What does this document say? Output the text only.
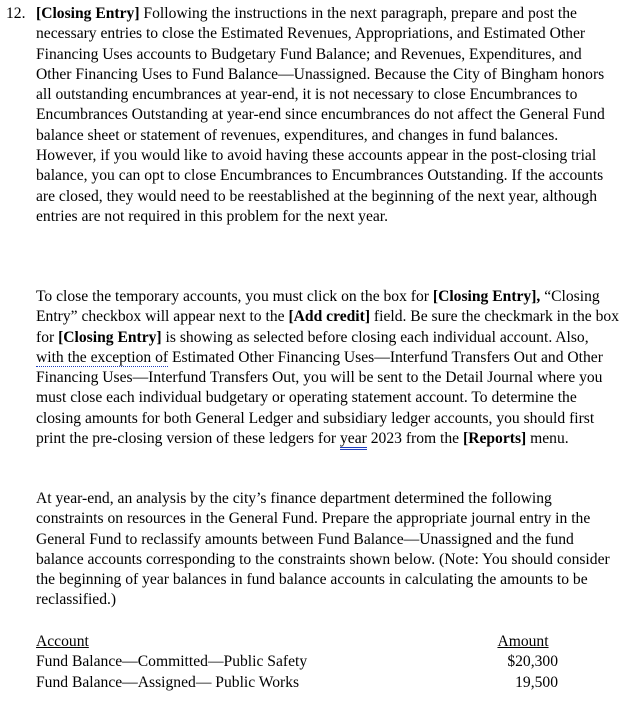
12. [Closing Entry] Following the instructions in the next paragraph, prepare and post the necessary entries to close the Estimated Revenues, Appropriations, and Estimated Other Financing Uses accounts to Budgetary Fund Balance; and Revenues, Expenditures, and Other Financing Uses to Fund Balance—Unassigned. Because the City of Bingham honors all outstanding encumbrances at year-end, it is not necessary to close Encumbrances to Encumbrances Outstanding at year-end since encumbrances do not affect the General Fund balance sheet or statement of revenues, expenditures, and changes in fund balances. However, if you would like to avoid having these accounts appear in the post-closing trial balance, you can opt to close Encumbrances to Encumbrances Outstanding. If the accounts are closed, they would need to be reestablished at the beginning of the next year, although entries are not required in this problem for the next year.

To close the temporary accounts, you must click on the box for [Closing Entry], “Closing Entry” checkbox will appear next to the [Add credit] field. Be sure the checkmark in the box for [Closing Entry] is showing as selected before closing each individual account. Also, with the exception of Estimated Other Financing Uses—Interfund Transfers Out and Other Financing Uses—Interfund Transfers Out, you will be sent to the Detail Journal where you must close each individual budgetary or operating statement account. To determine the closing amounts for both General Ledger and subsidiary ledger accounts, you should first print the pre-closing version of these ledgers for year 2023 from the [Reports] menu.

At year-end, an analysis by the city’s finance department determined the following constraints on resources in the General Fund. Prepare the appropriate journal entry in the General Fund to reclassify amounts between Fund Balance—Unassigned and the fund balance accounts corresponding to the constraints shown below. (Note: You should consider the beginning of year balances in fund balance accounts in calculating the amounts to be reclassified.)

Account	Amount
Fund Balance—Committed—Public Safety	$20,300
Fund Balance—Assigned— Public Works	19,500
